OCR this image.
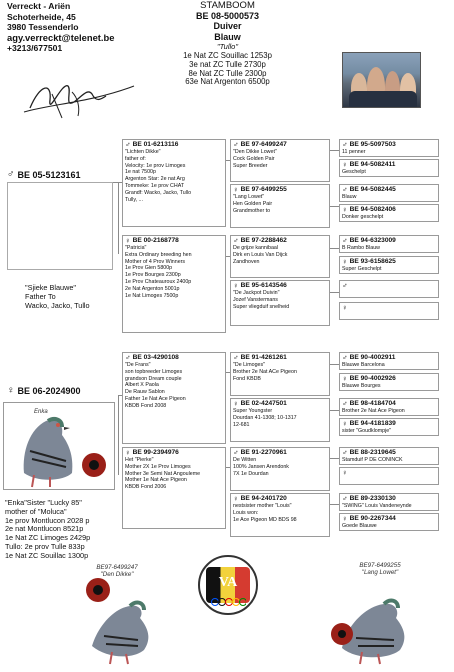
Verreckt - Ariën
Schoterheide, 45
3980 Tessenderlo
agy.verreckt@telenet.be
+3213/677501
STAMBOOM
BE 08-5000573
Duiver
Blauw
"Tullo"
1e Nat ZC Souillac 1253p
3e nat ZC Tulle 2730p
8e Nat ZC Tulle 2300p
63e Nat Argenton 6500p
♂ BE 05-5123161
"Sjieke Blauwe"
Father To
Wacko, Jacko, Tullo
♀ BE 06-2024900
Enka
"Enka"Sister "Lucky 85"
mother of "Moluca"
1e prov Montlucon 2028 p
2e nat Montlucon 8521p
1e Nat ZC Limoges 2429p
Tullo: 2e prov Tulle 833p
1e Nat ZC Souillac 1300p
♂ BE 01-6213116
"Lichten Dikke"
father of:
Velocity: 1e prov Limoges
1e nat 7500p
Argenton Star: 2e nat Arg
Tommeke: 1e prov CHAT
Grandf: Wacko, Jacko, Tullo
Tully, ...
♀ BE 00-2168778
"Patricia"
Extra Ordinary breeding hen
Mother of 4 Prov Winners
1e Prov Gien 5800p
1e Prov Bourges 2300p
1e Prov Chateauroux 2400p
2e Nat Argenton 5001p
1e Nat Limoges 7500p
♂ BE 03-4290108
"De Frans"
son topbreeder Limoges
grandson Dream couple
Albert X Paola
De Rauw Sablon
Father 1e Nat Ace Pigeon
KBDB Fond 2008
♀ BE 99-2394976
Het "Pierke"
Mother 2X 1e Prov Limoges
Mother 3e Semi Nat Angouleme
Mother 1e Nat Ace Pigeon
KBDB Fond 2006
♂ BE 97-6499247
"Den Dikke Lowet"
Cock Golden Pair
Super Breeder
♀ BE 97-6499255
"Lang Lowet"
Hen Golden Pair
Grandmother to
♂ BE 97-2288462
De grijze kannibaal
Dirk en Louis Van Dijck
Zandhoven
♀ BE 95-6143546
"De Jackpot Duivin"
Jozef Vanstermans
Super vliegduif snelheid
♂ BE 91-4261261
"De Limoges"
Brother 2e Nat ACe Pigeon
Fond KBDB
♀ BE 02-4247501
Super Youngster
Dourdan 41-1308; 10-1317
12-681
♂ BE 91-2270961
De Witten
100% Jansen Arendonk
7X 1e Dourdan
♀ BE 94-2401720
nestsister mother "Louis"
Louis won:
1e Ace Pigeon MD BDS 98
♂ BE 95-5097503
11 penner
♀ BE 94-5082411
Geschelpt
♂ BE 94-5082445
Blauw
♀ BE 94-5082406
Donker geschelpt
♂ BE 94-6323009
B Rambo Blauw
♀ BE 93-6158625
Super Geschelpt
♂
♀
♂ BE 90-4002911
Blauwe Barcelona
♀ BE 90-4002926
Blauwe Bourges
♂ BE 98-4184704
Brother 2e Nat Ace Pigeon
♀ BE 94-4181839
sister "Goudklompje"
♂ BE 88-2319645
Stamduif P DE CONINCK
♀
♂ BE 89-2330130
"SWING" Louis Vandeneynde
♀ BE 90-2267344
Goede Blauwe
BE97-6499247
"Den Dikke"
BE97-6499255
"Lang Lowet"
VA
